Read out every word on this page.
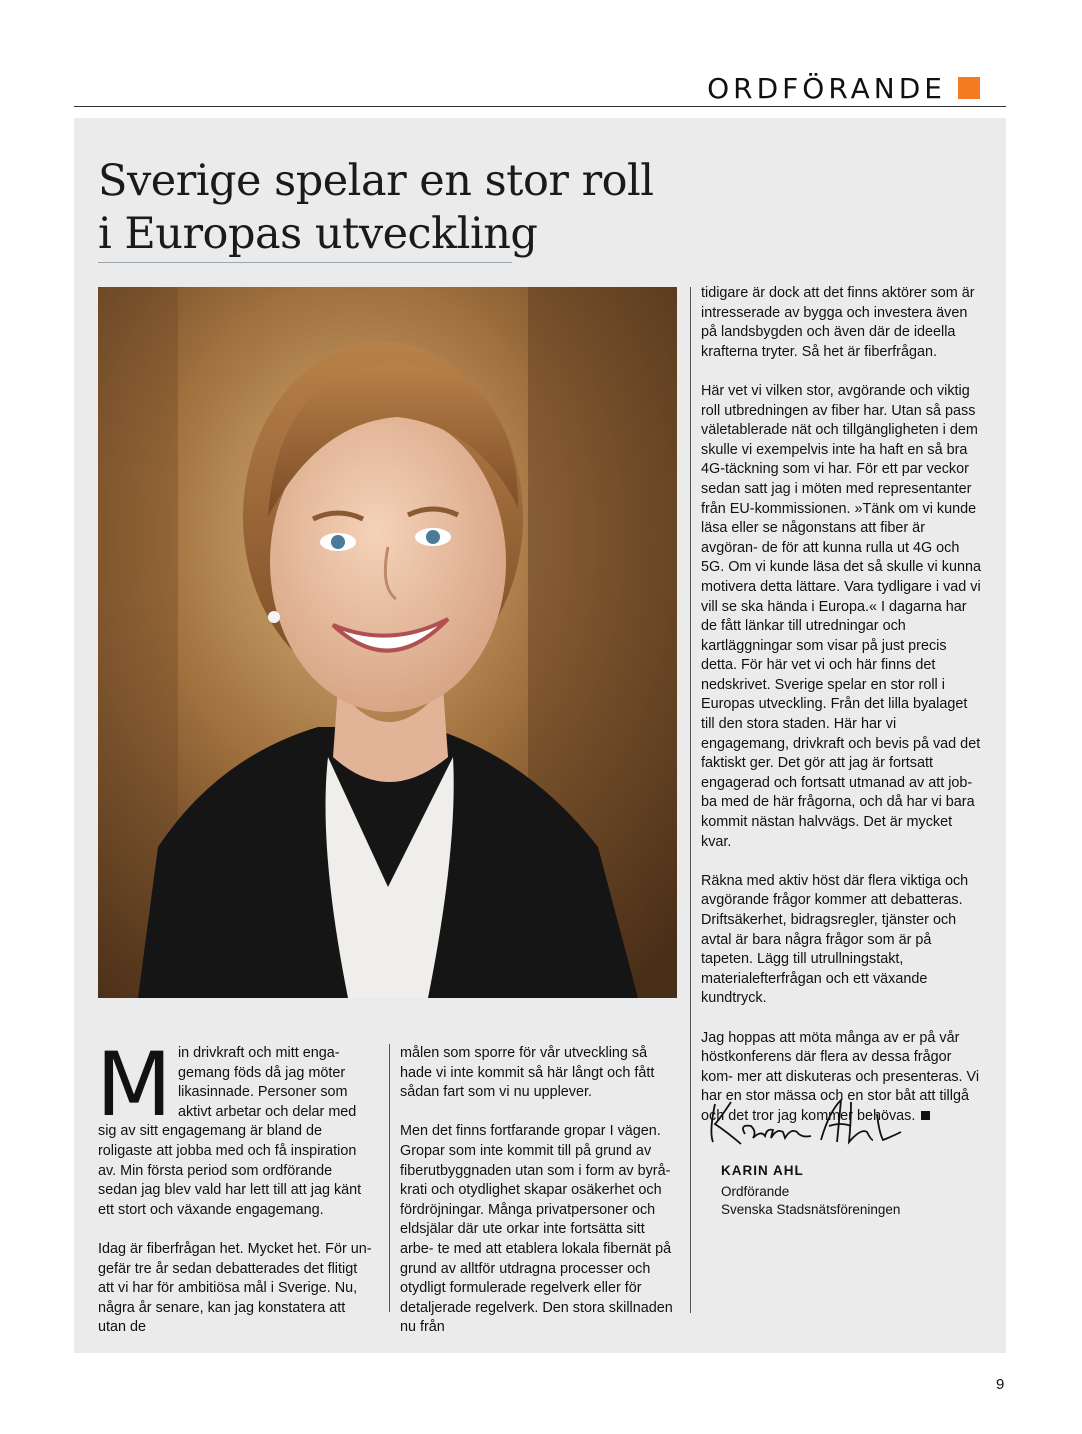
ORDFÖRANDE
Sverige spelar en stor roll
i Europas utveckling

Min drivkraft och mitt enga- gemang föds då jag möter likasinnade. Personer som aktivt arbetar och delar med sig av sitt engagemang är bland de roligaste att jobba med och få inspiration av. Min första period som ordförande sedan jag blev vald har lett till att jag känt ett stort och växande engagemang.

Idag är fiberfrågan het. Mycket het. För un- gefär tre år sedan debatterades det flitigt att vi har för ambitiösa mål i Sverige. Nu, några år senare, kan jag konstatera att utan de

målen som sporre för vår utveckling så hade vi inte kommit så här långt och fått sådan fart som vi nu upplever.

Men det finns fortfarande gropar I vägen. Gropar som inte kommit till på grund av fiberutbyggnaden utan som i form av byrå- krati och otydlighet skapar osäkerhet och fördröjningar. Många privatpersoner och eldsjälar där ute orkar inte fortsätta sitt arbe- te med att etablera lokala fibernät på grund av alltför utdragna processer och otydligt formulerade regelverk eller för detaljerade regelverk. Den stora skillnaden nu från

tidigare är dock att det finns aktörer som är intresserade av bygga och investera även på landsbygden och även där de ideella krafterna tryter. Så het är fiberfrågan.

Här vet vi vilken stor, avgörande och viktig roll utbredningen av fiber har. Utan så pass väletablerade nät och tillgängligheten i dem skulle vi exempelvis inte ha haft en så bra 4G-täckning som vi har. För ett par veckor sedan satt jag i möten med representanter från EU-kommissionen. »Tänk om vi kunde läsa eller se någonstans att fiber är avgöran- de för att kunna rulla ut 4G och 5G. Om vi kunde läsa det så skulle vi kunna motivera detta lättare. Vara tydligare i vad vi vill se ska hända i Europa.« I dagarna har de fått länkar till utredningar och kartläggningar som visar på just precis detta. För här vet vi och här finns det nedskrivet. Sverige spelar en stor roll i Europas utveckling. Från det lilla byalaget till den stora staden. Här har vi engagemang, drivkraft och bevis på vad det faktiskt ger. Det gör att jag är fortsatt engagerad och fortsatt utmanad av att job- ba med de här frågorna, och då har vi bara kommit nästan halvvägs. Det är mycket kvar.

Räkna med aktiv höst där flera viktiga och avgörande frågor kommer att debatteras. Driftsäkerhet, bidragsregler, tjänster och avtal är bara några frågor som är på tapeten. Lägg till utrullningstakt, materialefterfrågan och ett växande kundtryck.

Jag hoppas att möta många av er på vår höstkonferens där flera av dessa frågor kom- mer att diskuteras och presenteras. Vi har en stor mässa och en stor båt att tillgå och det tror jag kommer behövas.

KARIN AHL
Ordförande
Svenska Stadsnätsföreningen
9
